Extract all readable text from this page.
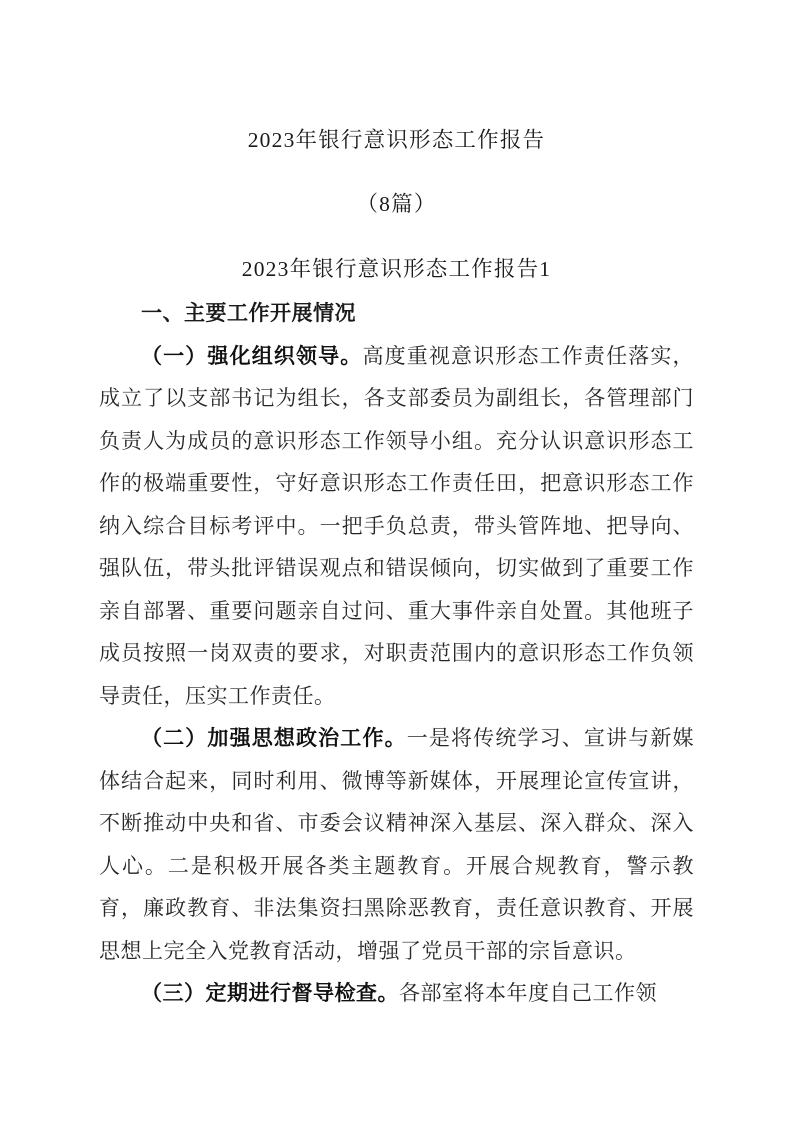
2023年银行意识形态工作报告
（8篇）
2023年银行意识形态工作报告1

一、主要工作开展情况

（一）强化组织领导。高度重视意识形态工作责任落实，成立了以支部书记为组长，各支部委员为副组长，各管理部门负责人为成员的意识形态工作领导小组。充分认识意识形态工作的极端重要性，守好意识形态工作责任田，把意识形态工作纳入综合目标考评中。一把手负总责，带头管阵地、把导向、强队伍，带头批评错误观点和错误倾向，切实做到了重要工作亲自部署、重要问题亲自过问、重大事件亲自处置。其他班子成员按照一岗双责的要求，对职责范围内的意识形态工作负领导责任，压实工作责任。

（二）加强思想政治工作。一是将传统学习、宣讲与新媒体结合起来，同时利用、微博等新媒体，开展理论宣传宣讲，不断推动中央和省、市委会议精神深入基层、深入群众、深入人心。二是积极开展各类主题教育。开展合规教育，警示教育，廉政教育、非法集资扫黑除恶教育，责任意识教育、开展思想上完全入党教育活动，增强了党员干部的宗旨意识。

（三）定期进行督导检查。各部室将本年度自己工作领
